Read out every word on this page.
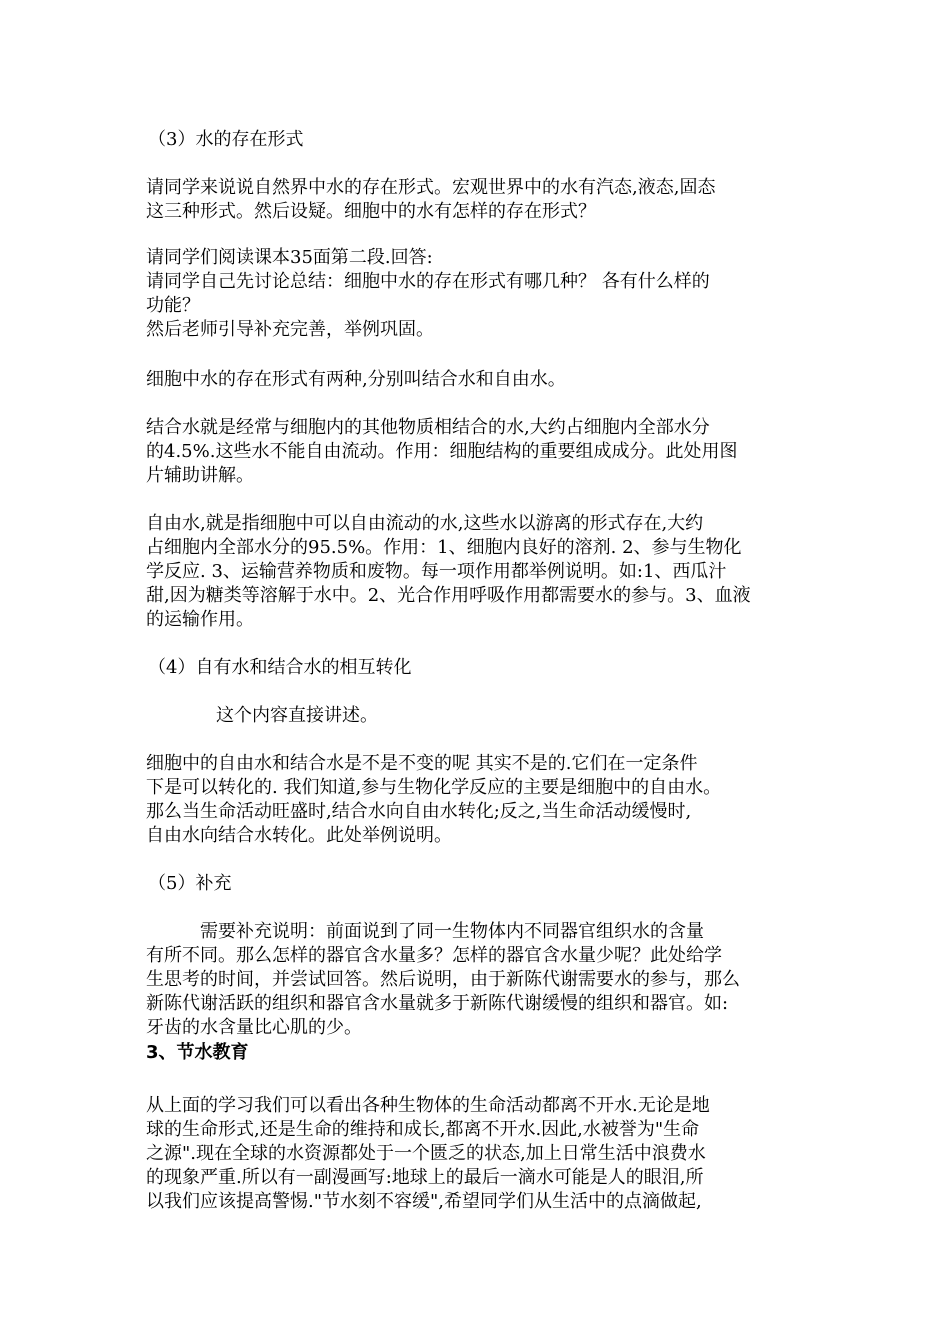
（3）水的存在形式
请同学来说说自然界中水的存在形式。宏观世界中的水有汽态,液态,固态
这三种形式。然后设疑。细胞中的水有怎样的存在形式？
请同学们阅读课本35面第二段.回答:
请同学自己先讨论总结：细胞中水的存在形式有哪几种？ 各有什么样的
功能？
然后老师引导补充完善，举例巩固。
细胞中水的存在形式有两种,分别叫结合水和自由水。
结合水就是经常与细胞内的其他物质相结合的水,大约占细胞内全部水分
的4.5%.这些水不能自由流动。作用：细胞结构的重要组成成分。此处用图
片辅助讲解。
自由水,就是指细胞中可以自由流动的水,这些水以游离的形式存在,大约
占细胞内全部水分的95.5%。作用：1、细胞内良好的溶剂. 2、参与生物化
学反应. 3、运输营养物质和废物。每一项作用都举例说明。如:1、西瓜汁
甜,因为糖类等溶解于水中。2、光合作用呼吸作用都需要水的参与。3、血液
的运输作用。
（4）自有水和结合水的相互转化
这个内容直接讲述。
细胞中的自由水和结合水是不是不变的呢 其实不是的.它们在一定条件
下是可以转化的. 我们知道,参与生物化学反应的主要是细胞中的自由水。
那么当生命活动旺盛时,结合水向自由水转化;反之,当生命活动缓慢时,
自由水向结合水转化。此处举例说明。
（5）补充
需要补充说明：前面说到了同一生物体内不同器官组织水的含量
有所不同。那么怎样的器官含水量多？怎样的器官含水量少呢？此处给学
生思考的时间，并尝试回答。然后说明，由于新陈代谢需要水的参与，那么
新陈代谢活跃的组织和器官含水量就多于新陈代谢缓慢的组织和器官。如:
牙齿的水含量比心肌的少。
3、节水教育
从上面的学习我们可以看出各种生物体的生命活动都离不开水.无论是地
球的生命形式,还是生命的维持和成长,都离不开水.因此,水被誉为"生命
之源".现在全球的水资源都处于一个匮乏的状态,加上日常生活中浪费水
的现象严重.所以有一副漫画写:地球上的最后一滴水可能是人的眼泪,所
以我们应该提高警惕."节水刻不容缓",希望同学们从生活中的点滴做起,
